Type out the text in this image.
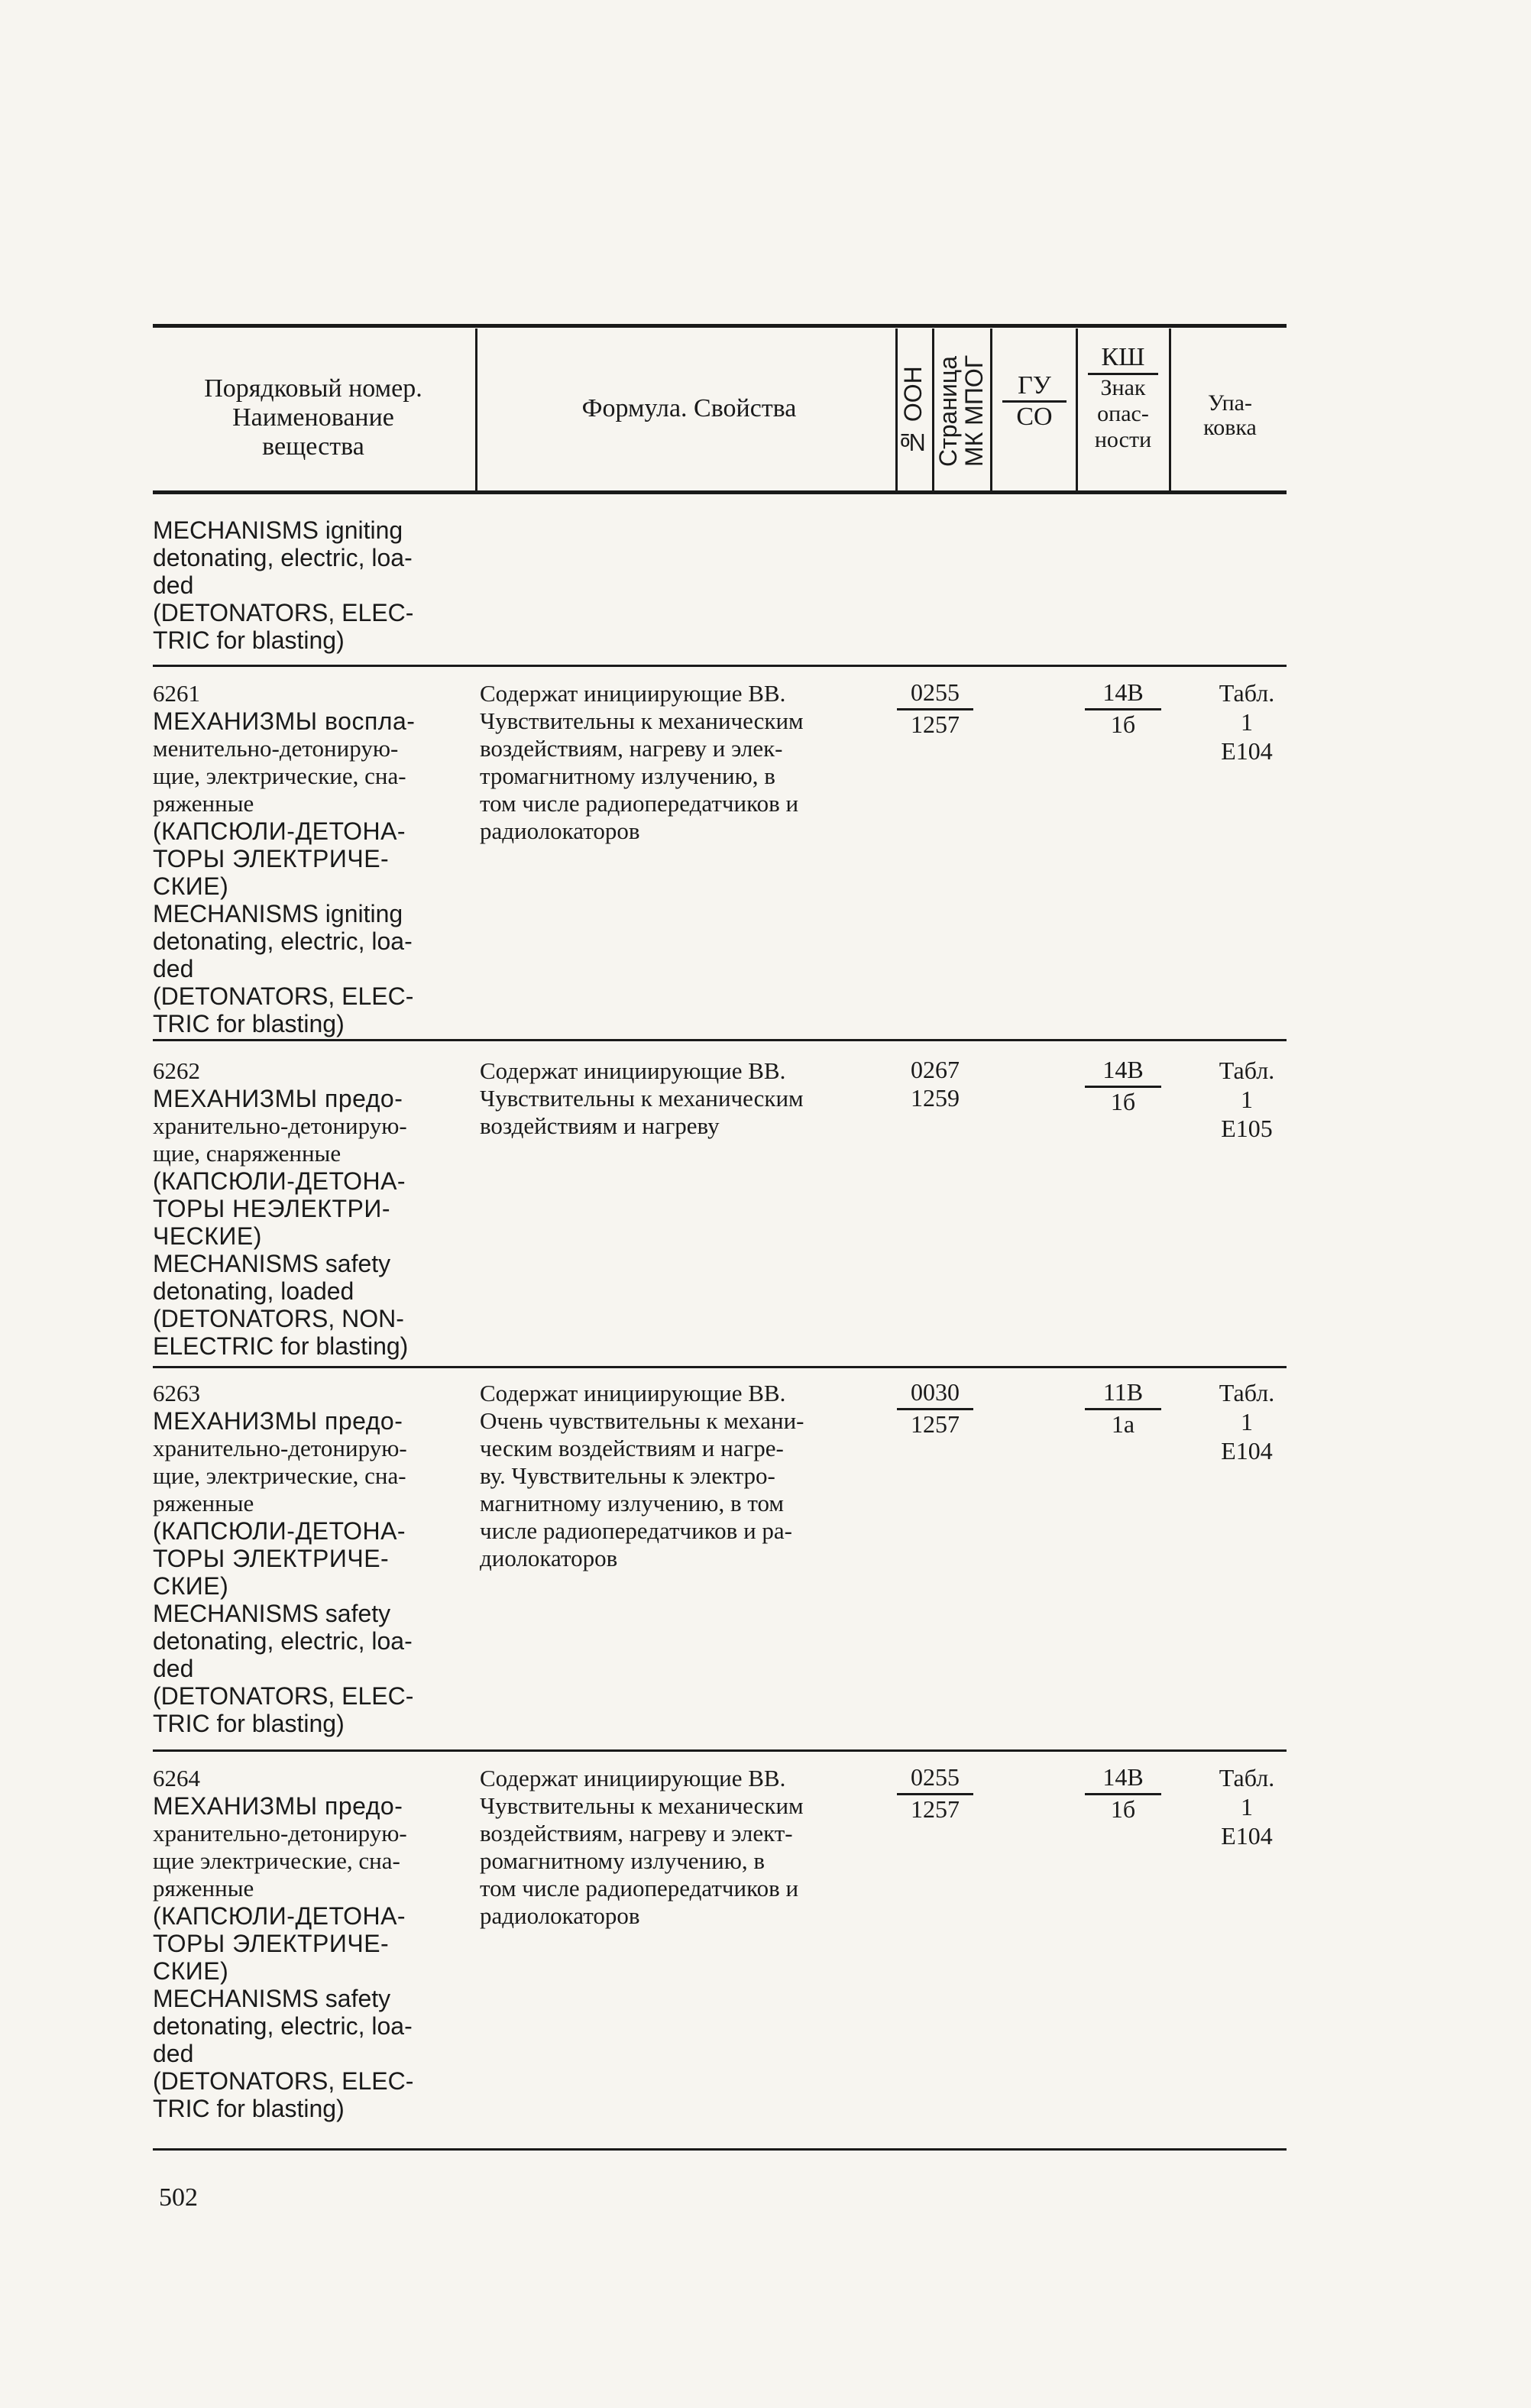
Порядковый номер.
Наименование
вещества
Формула. Свойства	№ ООН Страница
МК МПОГ	ГУ
СО
КШ
Знак
опас-
ности
Упа-
ковка
MECHANISMS igniting
detonating, electric, loa-
ded
(DETONATORS, ELEC-
TRIC for blasting)
6261
МЕХАНИЗМЫ воспла-
менительно-детонирую-
щие, электрические, сна-
ряженные
(КАПСЮЛИ-ДЕТОНА-
ТОРЫ ЭЛЕКТРИЧЕ-
СКИЕ)
MECHANISMS igniting
detonating, electric, loa-
ded
(DETONATORS, ELEC-
TRIC for blasting)
Содержат инициирующие ВВ.
Чувствительны к механическим
воздействиям, нагреву и элек-
тромагнитному излучению, в
том числе радиопередатчиков и
радиолокаторов
0255
1257
14В
1б
Табл.
1
Е104
6262
МЕХАНИЗМЫ предо-
хранительно-детонирую-
щие, снаряженные
(КАПСЮЛИ-ДЕТОНА-
ТОРЫ НЕЭЛЕКТРИ-
ЧЕСКИЕ)
MECHANISMS safety
detonating, loaded
(DETONATORS, NON-
ELECTRIC for blasting)
Содержат инициирующие ВВ.
Чувствительны к механическим
воздействиям и нагреву
0267
1259
14В
1б
Табл.
1
Е105
6263
МЕХАНИЗМЫ предо-
хранительно-детонирую-
щие, электрические, сна-
ряженные
(КАПСЮЛИ-ДЕТОНА-
ТОРЫ ЭЛЕКТРИЧЕ-
СКИЕ)
MECHANISMS safety
detonating, electric, loa-
ded
(DETONATORS, ELEC-
TRIC for blasting)
Содержат инициирующие ВВ.
Очень чувствительны к механи-
ческим воздействиям и нагре-
ву. Чувствительны к электро-
магнитному излучению, в том
числе радиопередатчиков и ра-
диолокаторов
0030
1257
11В
1а
Табл.
1
Е104
6264
МЕХАНИЗМЫ предо-
хранительно-детонирую-
щие электрические, сна-
ряженные
(КАПСЮЛИ-ДЕТОНА-
ТОРЫ ЭЛЕКТРИЧЕ-
СКИЕ)
MECHANISMS safety
detonating, electric, loa-
ded
(DETONATORS, ELEC-
TRIC for blasting)
Содержат инициирующие ВВ.
Чувствительны к механическим
воздействиям, нагреву и элект-
ромагнитному излучению, в
том числе радиопередатчиков и
радиолокаторов
0255
1257
14В
1б
Табл.
1
Е104
502
